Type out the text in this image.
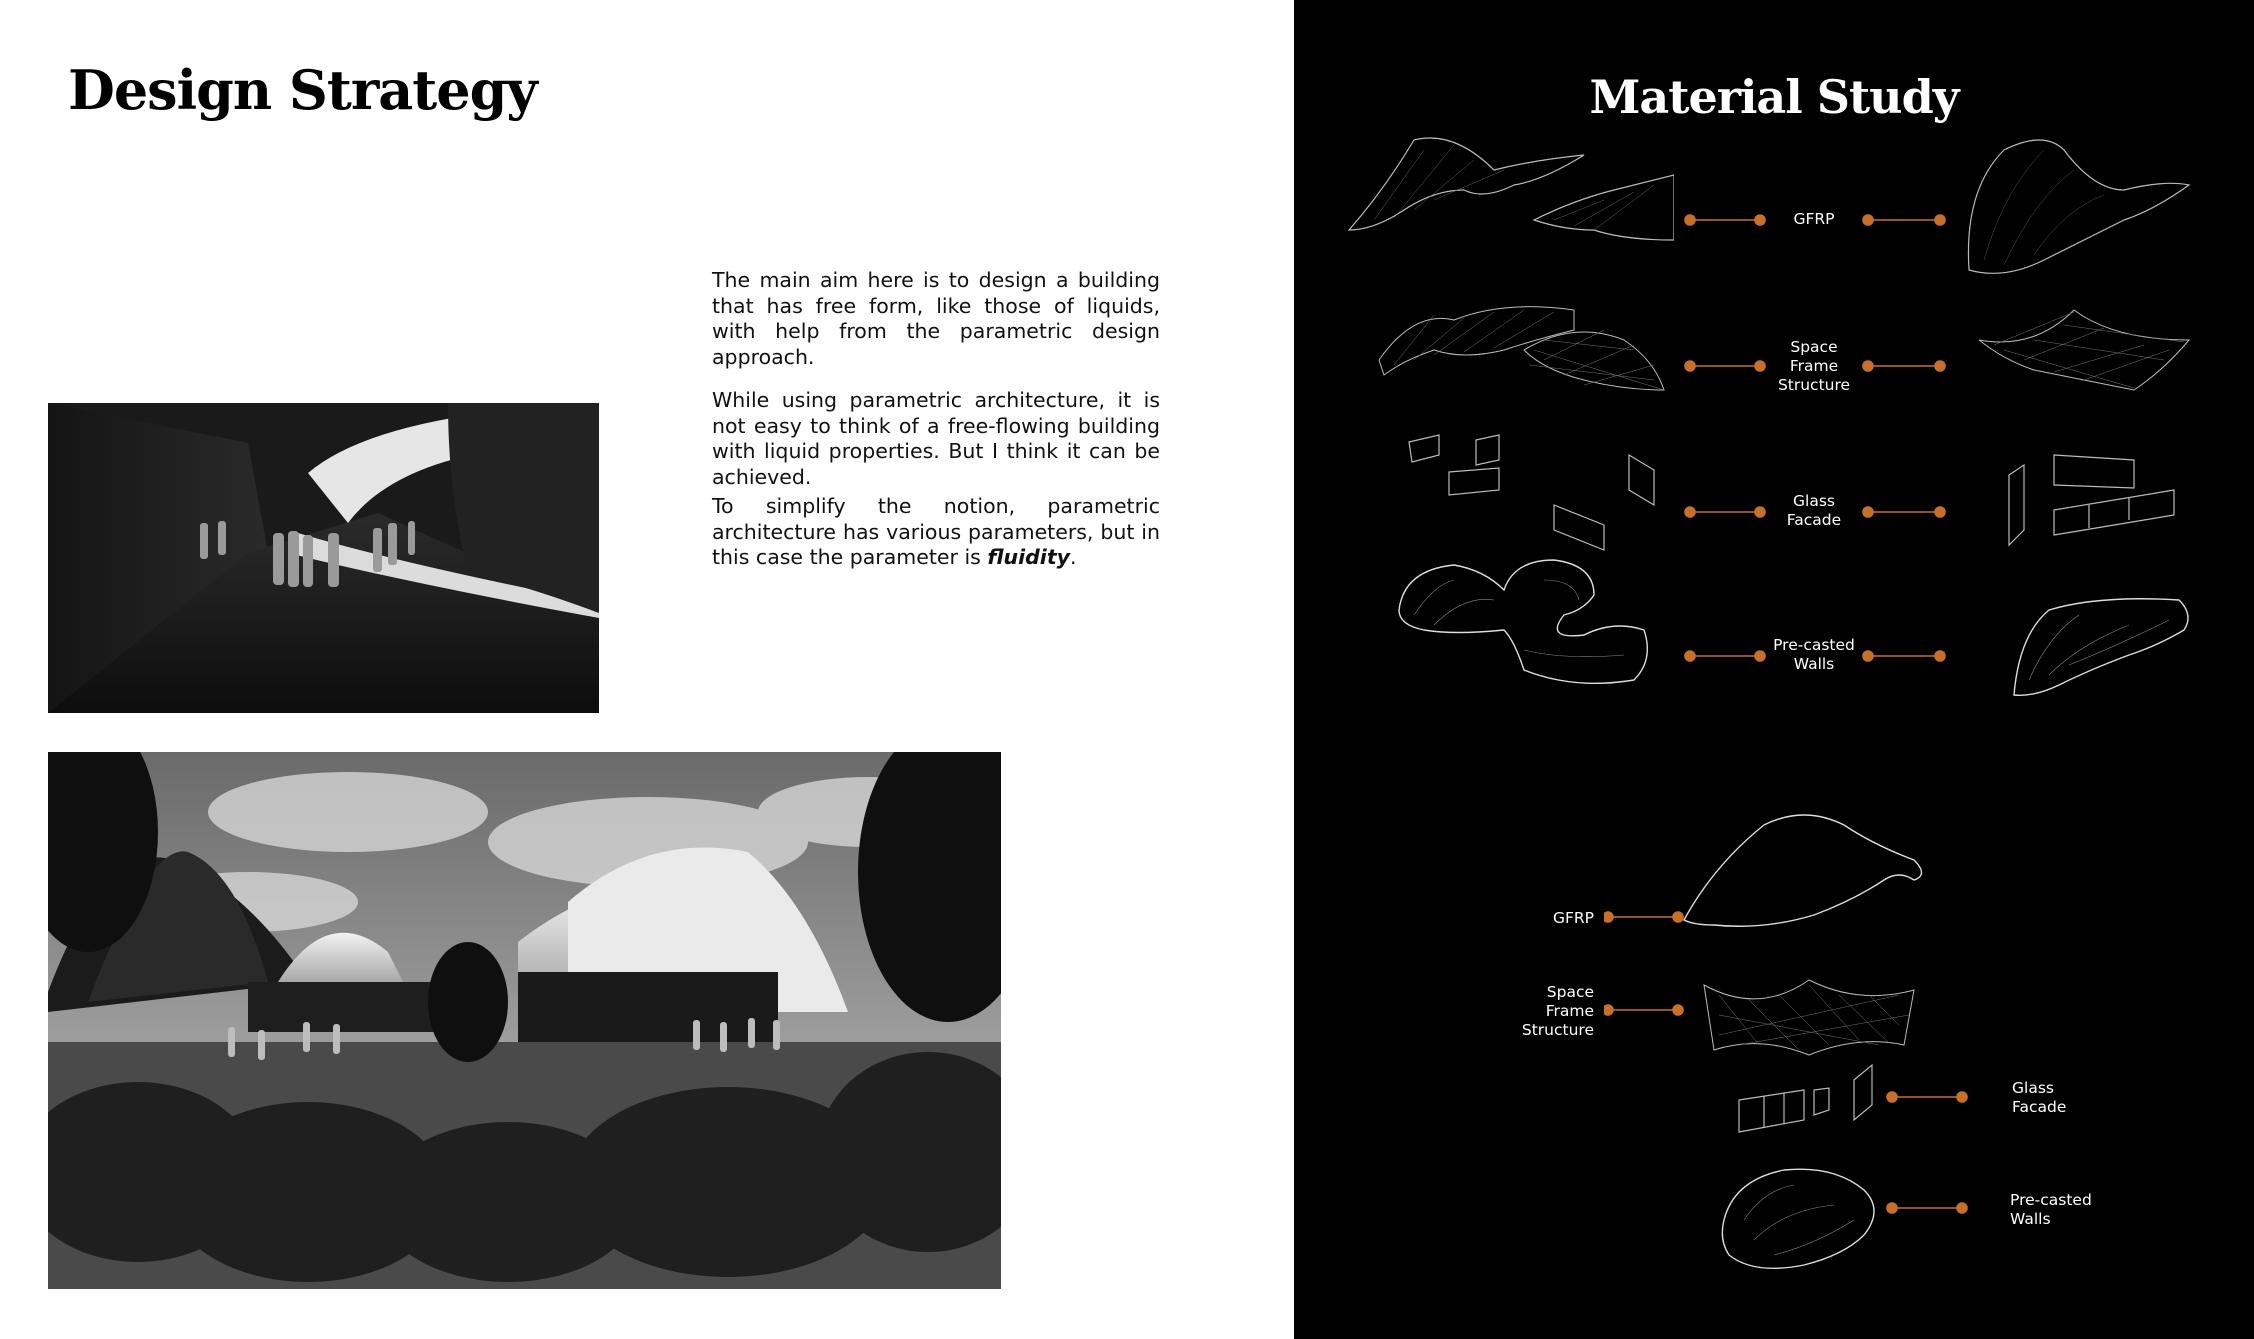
Design Strategy

The main aim here is to design a building that has free form, like those of liquids, with help from the parametric design approach.

While using parametric architecture, it is not easy to think of a free-flowing building with liquid properties. But I think it can be achieved.

To simplify the notion, parametric architecture has various parameters, but in this case the parameter is fluidity.

Material Study
GFRP
Space
Frame
Structure
Glass
Facade
Pre-casted
Walls
GFRP
Space
Frame
Structure
Glass
Facade
Pre-casted
Walls
